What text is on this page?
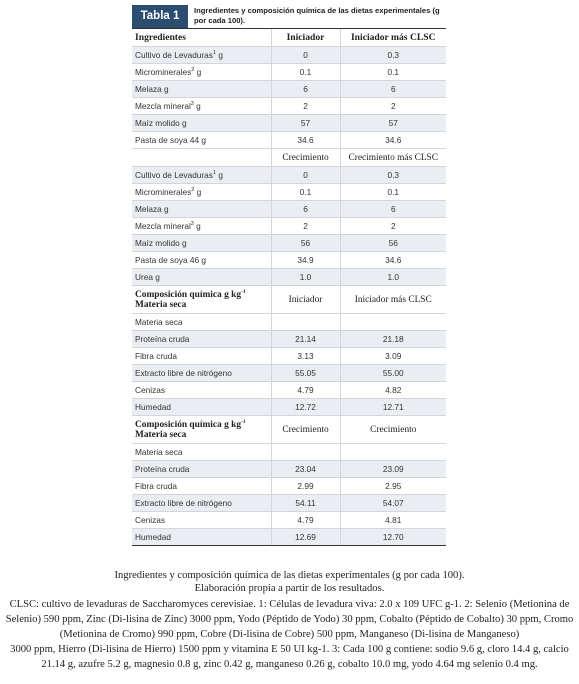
Tabla 1	Ingredientes y composición química de las dietas experimentales (g por cada 100).
Ingredientes	Iniciador	Iniciador más CLSC
Cultivo de Levaduras$^1$ g	0	0.3
Microminerales$^2$ g	0.1	0.1
Melaza g	6	6
Mezcla mineral$^3$ g	2	2
Maíz molido g	57	57
Pasta de soya 44 g	34.6	34.6
	Crecimiento	Crecimiento más CLSC
Cultivo de Levaduras$^1$ g	0	0.3
Microminerales$^2$ g	0.1	0.1
Melaza g	6	6
Mezcla mineral$^3$ g	2	2
Maíz molido g	56	56
Pasta de soya 46 g	34.9	34.6
Urea g	1.0	1.0
Composición química g $kg^{-1}$
Materia seca	Iniciador	Iniciador más CLSC
Materia seca		
Proteína cruda	21.14	21.18
Fibra cruda	3.13	3.09
Extracto libre de nitrógeno	55.05	55.00
Cenizas	4.79	4.82
Humedad	12.72	12.71
Composición química g $kg^{-1}$
Materia seca	Crecimiento	Crecimiento
Materia seca		
Proteína cruda	23.04	23.09
Fibra cruda	2.99	2.95
Extracto libre de nitrógeno	54.11	54.07
Cenizas	4.79	4.81
Humedad	12.69	12.70

Ingredientes y composición química de las dietas experimentales (g por cada 100).

Elaboración propia a partir de los resultados.

CLSC: cultivo de levaduras de Saccharomyces cerevisiae. 1: Células de levadura viva: 2.0 x 109 UFC g-1. 2: Selenio (Metionina de Selenio) 590 ppm, Zinc (Di-lisina de Zinc) 3000 ppm, Yodo (Péptido de Yodo) 30 ppm, Cobalto (Péptido de Cobalto) 30 ppm, Cromo (Metionina de Cromo) 990 ppm, Cobre (Di-lisina de Cobre) 500 ppm, Manganeso (Di-lisina de Manganeso)

3000 ppm, Hierro (Di-lisina de Hierro) 1500 ppm y vitamina E 50 UI kg-1. 3: Cada 100 g contiene: sodio 9.6 g, cloro 14.4 g, calcio 21.14 g, azufre 5.2 g, magnesio 0.8 g, zinc 0.42 g, manganeso 0.26 g, cobalto 10.0 mg, yodo 4.64 mg selenio 0.4 mg.
